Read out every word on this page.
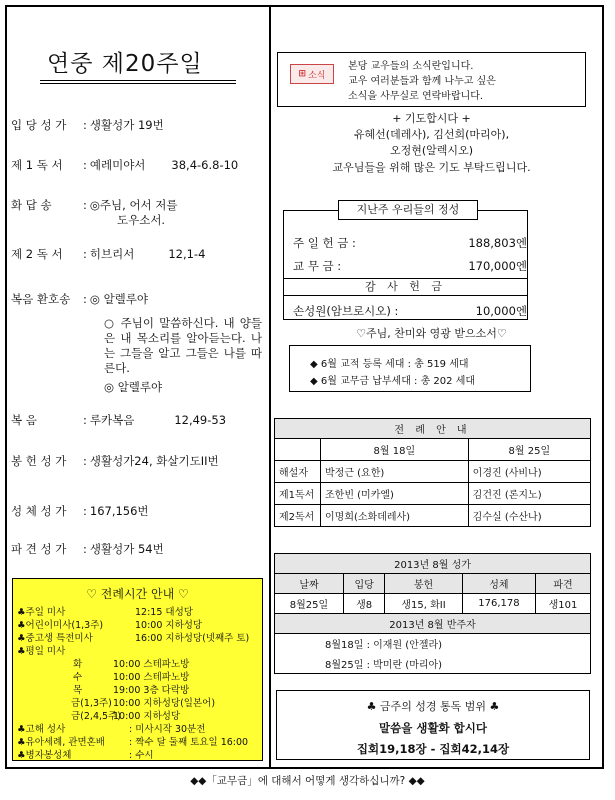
연중 제20주일
입 당 성 가 : 생활성가 19번
제 1 독 서 : 예레미야서 38,4-6.8-10
화 답 송	: ◎주님, 어서 저를
도우소서.
제 2 독 서 : 히브리서	12,1-4
복음 환호송 : ◎ 알렐루야
○ 주님이 말씀하신다. 내 양들은 내 목소리를 알아듣는다. 나는 그들을 알고 그들은 나를 따른다.
◎ 알렐루야
복 음	: 루카복음	12,49-53
봉 헌 성 가 : 생활성가24, 화살기도II번
성 체 성 가 : 167,156번
파 견 성 가 : 생활성가 54번
♡ 전례시간 안내 ♡
♣주일 미사	12:15 대성당
♣어린이미사(1,3주)	10:00 지하성당
♣중고생 특전미사	16:00 지하성당(넷째주 토)
♣평일 미사
화	10:00 스테파노방
수	10:00 스테파노방
목	19:00 3층 다락방
금(1,3주) 10:00 지하성당(일본어)
금(2,4,5주)
10:00 지하성당
♣고해 성사	: 미사시작 30분전
♣유아세례, 관면혼배	: 짝수 달 둘째 토요일 16:00
♣병자봉성체	: 수시
⊞ 소식
본당 교우들의 소식란입니다.
교우 여러분들과 함께 나누고 싶은
소식을 사무실로 연락바랍니다.
+ 기도합시다 +
유혜선(데레사), 김선희(마리아),
오정현(알렉시오)
교우님들을 위해 많은 기도 부탁드립니다.
지난주 우리들의 정성
주 일 헌 금 :	188,803엔
교 무 금 :	170,000엔
감 사 헌 금
손성원(암브로시오) :	10,000엔
♡주님, 찬미와 영광 받으소서♡
◆ 6월 교적 등록 세대 : 총 519 세대
◆ 6월 교무금 납부세대 : 총 202 세대
전 례 안 내		
	8월 18일	8월 25일
해설자	박정근 (요한)	이경진 (사비나)
제1독서	조한빈 (미카엘)	김건진 (론지노)
제2독서	이명희(소화데레사)	김수실 (수산나)
2013년 8월 성가				
날짜	입당	봉헌	성체	파견
8월25일	생8	생15, 화II	176,178	생101
2013년 8월 반주자				
8월18일 : 이재원 (안젤라)				
8월25일 : 박미란 (마리아)				
♣ 금주의 성경 통독 범위 ♣
말씀을 생활화 합시다
집회19,18장 - 집회42,14장
◆◆「교무금」에 대해서 어떻게 생각하십니까? ◆◆
